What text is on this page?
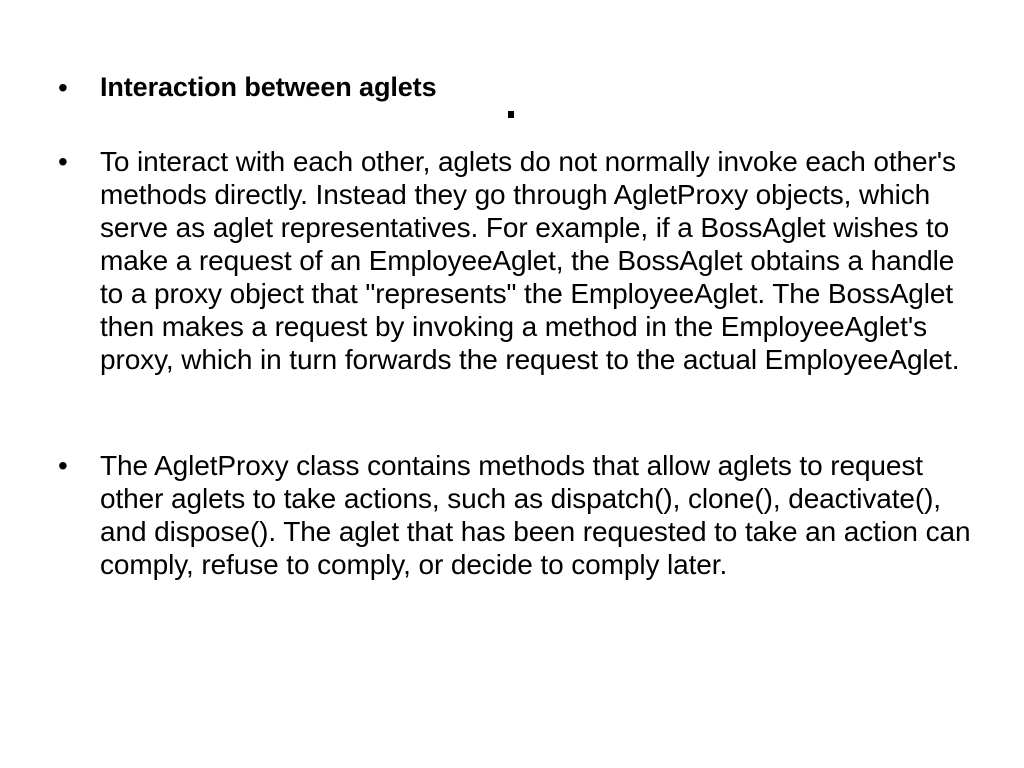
•	Interaction between aglets
•	To interact with each other, aglets do not normally invoke each other's methods directly. Instead they go through AgletProxy objects, which serve as aglet representatives. For example, if a BossAglet wishes to make a request of an EmployeeAglet, the BossAglet obtains a handle to a proxy object that "represents" the EmployeeAglet. The BossAglet then makes a request by invoking a method in the EmployeeAglet's proxy, which in turn forwards the request to the actual EmployeeAglet.
•	The AgletProxy class contains methods that allow aglets to request other aglets to take actions, such as dispatch(), clone(), deactivate(), and dispose(). The aglet that has been requested to take an action can comply, refuse to comply, or decide to comply later.
